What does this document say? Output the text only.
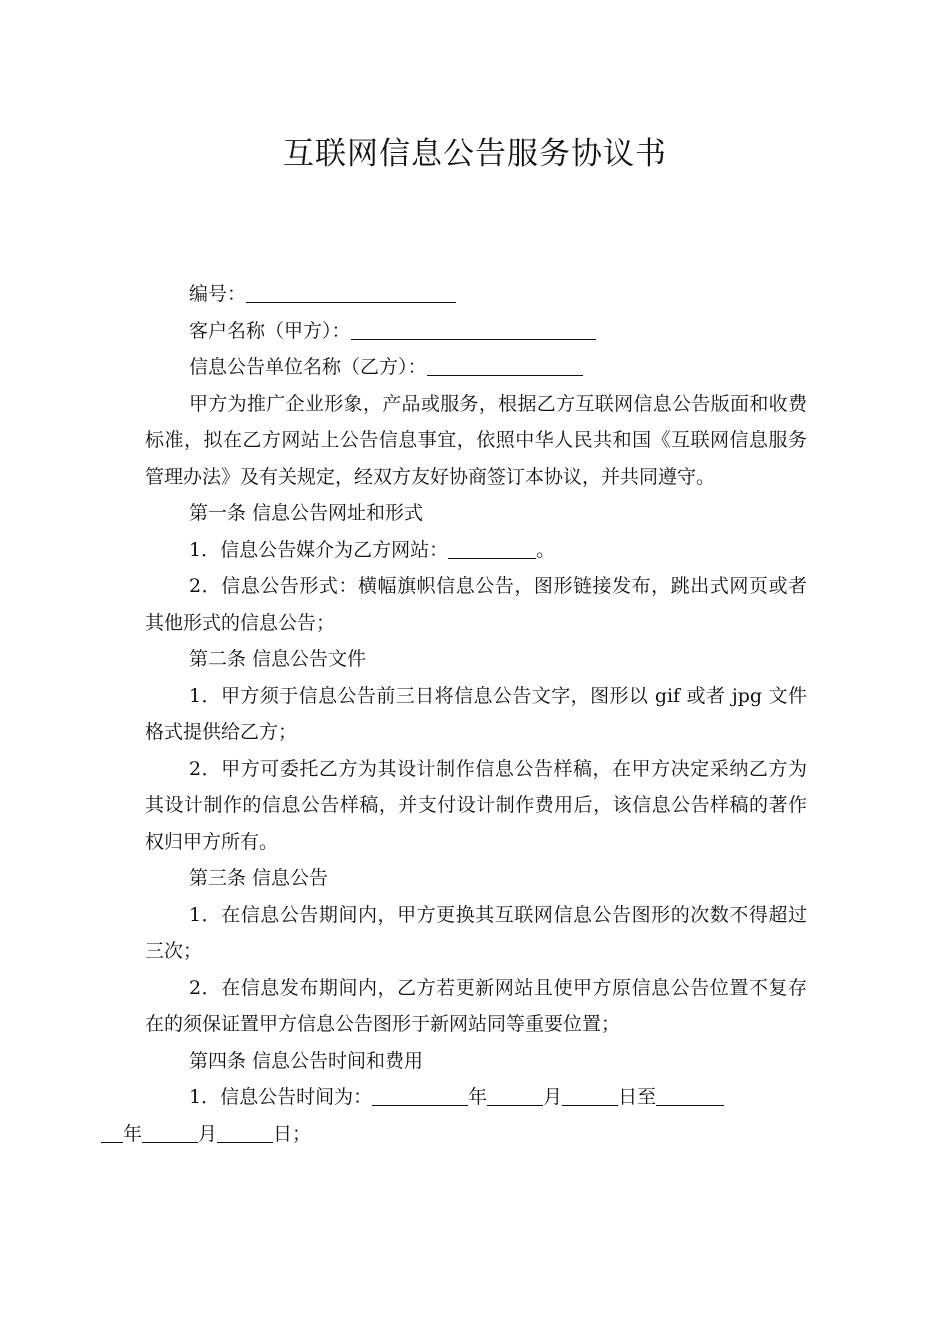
互联网信息公告服务协议书
编号：
客户名称（甲方）：
信息公告单位名称（乙方）：

甲方为推广企业形象，产品或服务，根据乙方互联网信息公告版面和收费标准，拟在乙方网站上公告信息事宜，依照中华人民共和国《互联网信息服务管理办法》及有关规定，经双方友好协商签订本协议，并共同遵守。

第一条 信息公告网址和形式

1．信息公告媒介为乙方网站：	。

2．信息公告形式：横幅旗帜信息公告，图形链接发布，跳出式网页或者其他形式的信息公告；

第二条 信息公告文件

1．甲方须于信息公告前三日将信息公告文字，图形以 gif 或者 jpg 文件格式提供给乙方；

2．甲方可委托乙方为其设计制作信息公告样稿，在甲方决定采纳乙方为其设计制作的信息公告样稿，并支付设计制作费用后，该信息公告样稿的著作权归甲方所有。

第三条 信息公告

1．在信息公告期间内，甲方更换其互联网信息公告图形的次数不得超过三次；

2．在信息发布期间内，乙方若更新网站且使甲方原信息公告位置不复存在的须保证置甲方信息公告图形于新网站同等重要位置；

第四条 信息公告时间和费用

1．信息公告时间为：	年	月	日至
年	月	日；
